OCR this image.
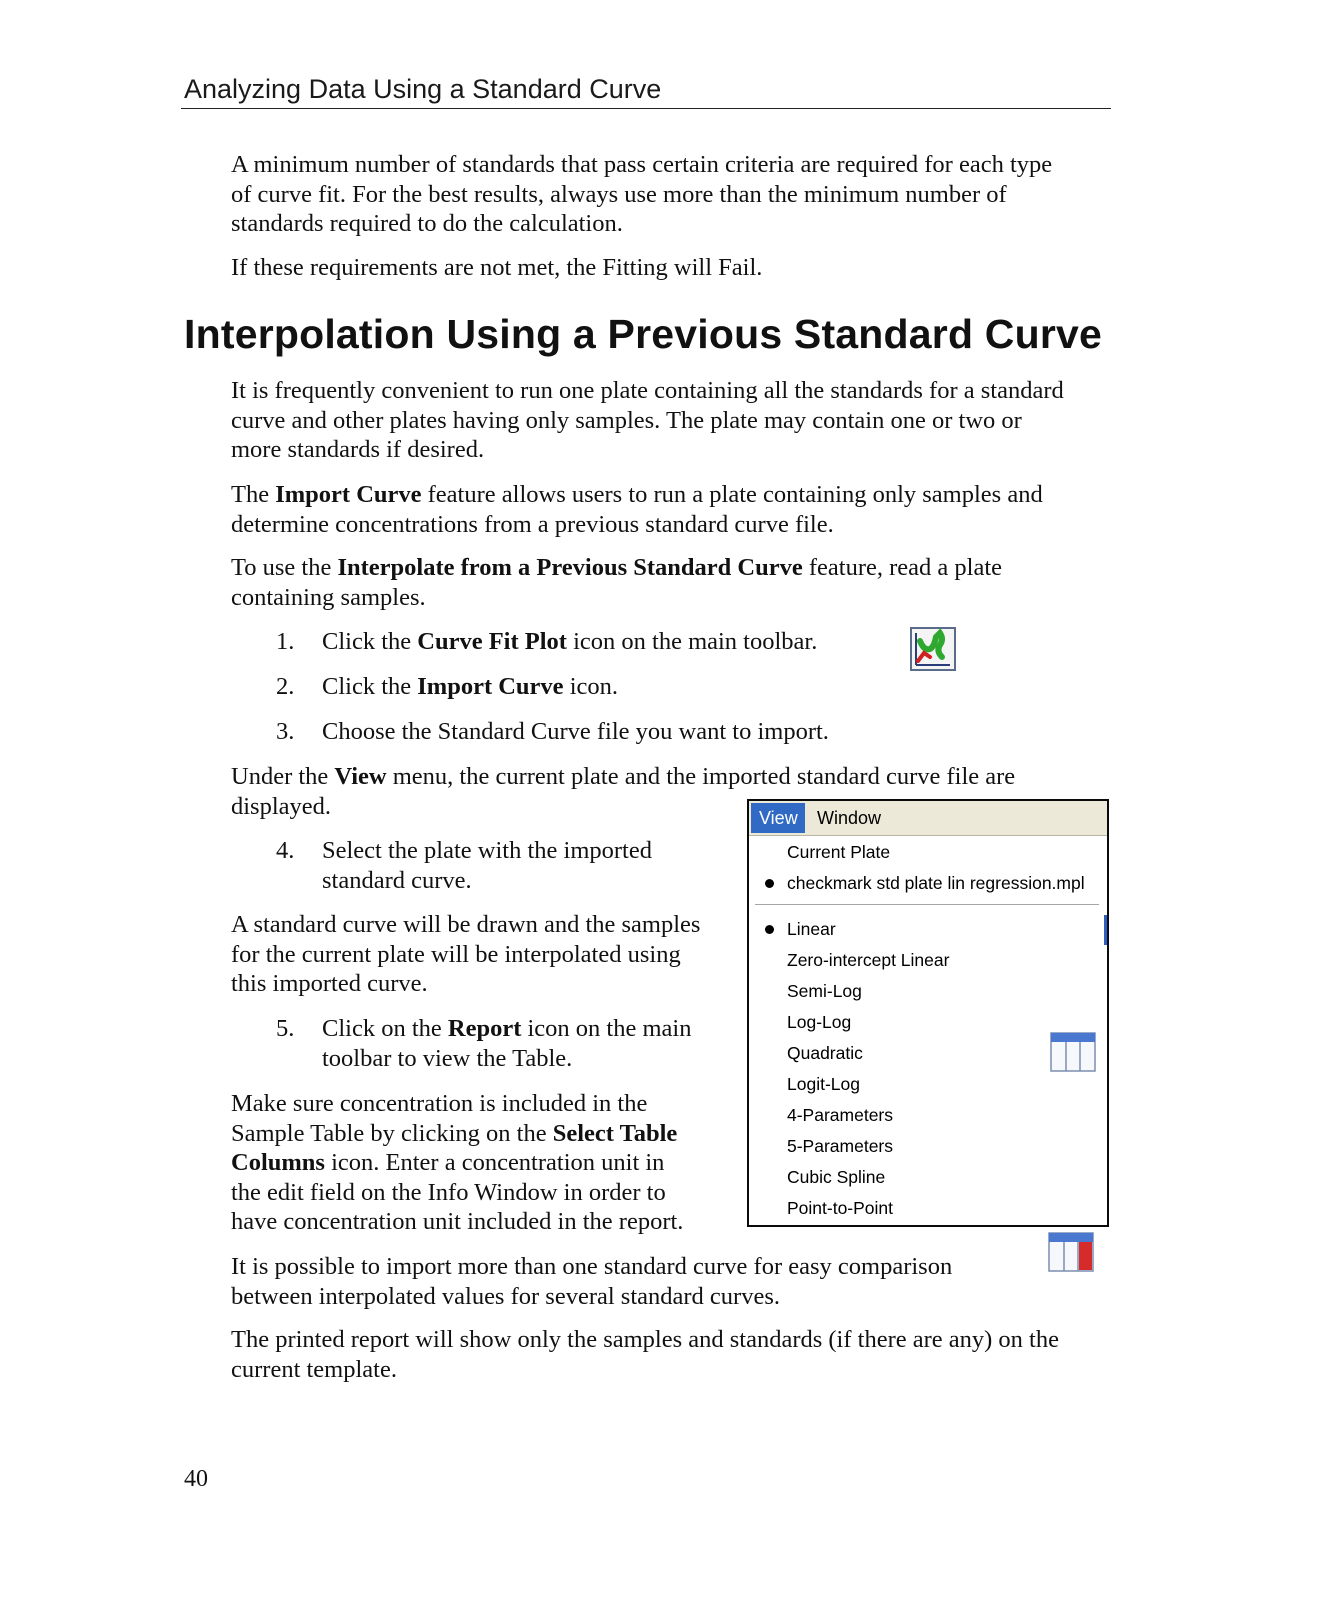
Analyzing Data Using a Standard Curve

A minimum number of standards that pass certain criteria are required for each type
of curve fit. For the best results, always use more than the minimum number of
standards required to do the calculation.

If these requirements are not met, the Fitting will Fail.

Interpolation Using a Previous Standard Curve

It is frequently convenient to run one plate containing all the standards for a standard
curve and other plates having only samples. The plate may contain one or two or
more standards if desired.

The Import Curve feature allows users to run a plate containing only samples and
determine concentrations from a previous standard curve file.

To use the Interpolate from a Previous Standard Curve feature, read a plate
containing samples.

1. Click the Curve Fit Plot icon on the main toolbar.

2. Click the Import Curve icon.

3. Choose the Standard Curve file you want to import.

Under the View menu, the current plate and the imported standard curve file are
displayed.

4. Select the plate with the imported
standard curve.

A standard curve will be drawn and the samples
for the current plate will be interpolated using
this imported curve.

5. Click on the Report icon on the main
toolbar to view the Table.

Make sure concentration is included in the
Sample Table by clicking on the Select Table
Columns icon. Enter a concentration unit in
the edit field on the Info Window in order to
have concentration unit included in the report.

It is possible to import more than one standard curve for easy comparison
between interpolated values for several standard curves.

The printed report will show only the samples and standards (if there are any) on the
current template.

View	Window
Current Plate
checkmark std plate lin regression.mpl
Linear
Zero-intercept Linear
Semi-Log
Log-Log
Quadratic
Logit-Log
4-Parameters
5-Parameters
Cubic Spline
Point-to-Point
40
